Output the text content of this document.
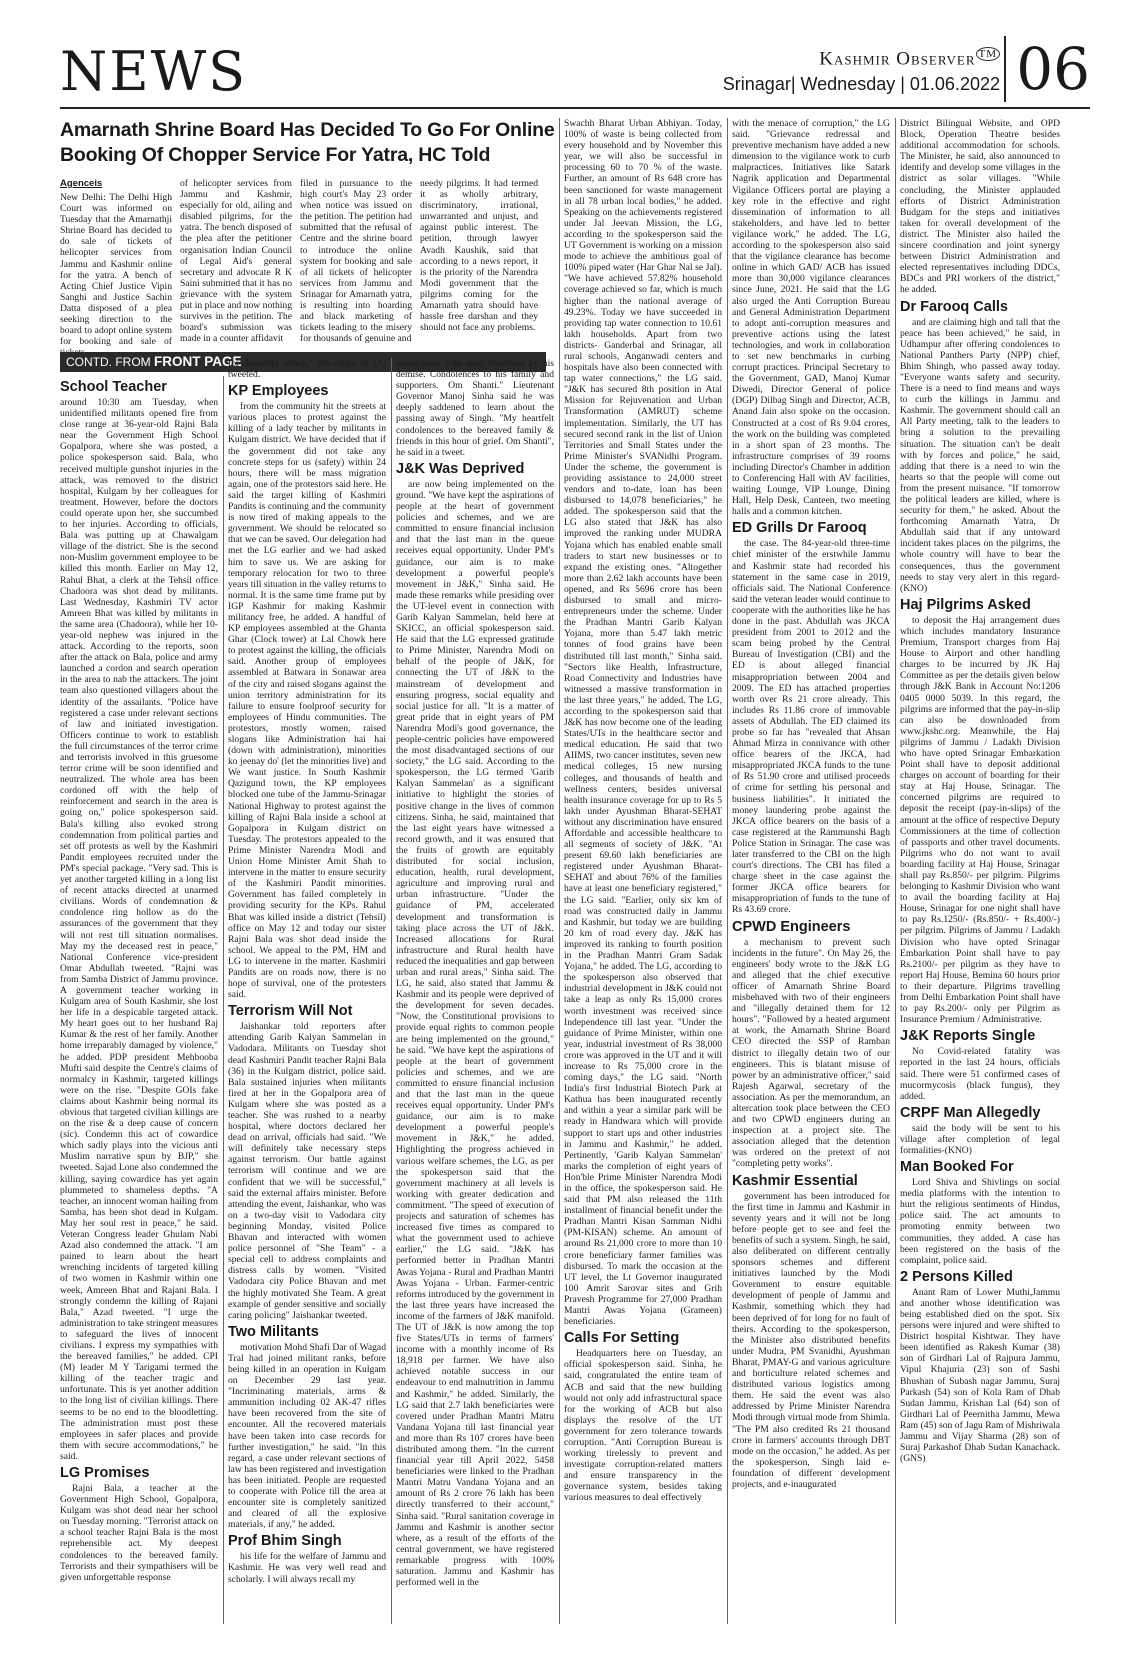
NEWS	Kashmir Observer ™
Srinagar| Wednesday | 01.06.2022 06
Amarnath Shrine Board Has Decided To Go For Online Booking Of Chopper Service For Yatra, HC Told
Agenceis

New Delhi: The Delhi High Court was informed on Tuesday that the Amarnathji Shrine Board has decided to do sale of tickets of helicopter services from Jammu and Kashmir online for the yatra. A bench of Acting Chief Justice Vipin Sanghi and Justice Sachin Datta disposed of a plea seeking direction to the board to adopt online system for booking and sale of

of helicopter services from Jammu and Kashmir, especially for old, ailing and disabled pilgrims, for the yatra. The bench disposed of the plea after the petitioner organisation Indian Council of Legal Aid's general secretary and advocate R K Saini submitted that it has no grievance with the system put in place and now nothing survives in the petition. The board's submission was made in a counter affidavit

filed in pursuance to the high court's May 23 order when notice was issued on the petition. The petition had submitted that the refusal of Centre and the shrine board to introduce the online system for booking and sale of all tickets of helicopter services from Jammu and Srinagar for Amarnath yatra, is resulting into hoarding and black marketing of tickets leading to the misery for thousands of genuine and

needy pilgrims. It had termed it as wholly arbitrary, discriminatory, irrational, unwarranted and unjust, and against public interest. The petition, through lawyer Avadh Kaushik, said that according to a news report, it is the priority of the Narendra Modi government that the pilgrims coming for the Amarnath yatra should have hassle free darshan and they should not face any problems.

CONTD. FROM FRONT PAGE
School Teacher

around 10:30 am Tuesday, when unidentified militants opened fire from close range at 36-year-old Rajni Bala near the Government High School Gopalpora, where she was posted, a police spokesperson said. Bala, who received multiple gunshot injuries in the attack, was removed to the district hospital, Kulgam by her colleagues for treatment. However, before the doctors could operate upon her, she succumbed to her injuries. According to officials, Bala was putting up at Chawalgam village of the district. She is the second non-Muslim government employee to be killed this month. Earlier on May 12, Rahul Bhat, a clerk at the Tehsil office Chadoora was shot dead by militants. Last Wednesday, Kashmiri TV actor Amreen Bhat was killed by militants in the same area (Chadoora), while her 10-year-old nephew was injured in the attack. According to the reports, soon after the attack on Bala, police and army launched a cordon and search operation in the area to nab the attackers. The joint team also questioned villagers about the identity of the assailants. "Police have registered a case under relevant sections of law and initiated investigation. Officers continue to work to establish the full circumstances of the terror crime and terrorists involved in this gruesome terror crime will be soon identified and neutralized. The whole area has been cordoned off with the help of reinforcement and search in the area is going on," police spokesperson said. Bala's killing also evoked strong condemnation from political parties and set off protests as well by the Kashmiri Pandit employees recruited under the PM's special package. "Very sad. This is yet another targeted killing in a long list of recent attacks directed at unarmed civilians. Words of condemnation & condolence ring hollow as do the assurances of the government that they will not rest till situation normalises. May my the deceased rest in peace," National Conference vice-president Omar Abdullah tweeted. "Rajni was from Samba District of Jammu province. A government teacher working in Kulgam area of South Kashmir, she lost her life in a despicable targeted attack. My heart goes out to her husband Raj Kumar & the rest of her family. Another home irreparably damaged by violence," he added. PDP president Mehbooba Mufti said despite the Centre's claims of normalcy in Kashmir, targeted killings were on the rise. "Despite GOIs fake claims about Kashmir being normal its obvious that targeted civilian killings are on the rise & a deep cause of concern (sic). Condemn this act of cowardice which sadly plays into the vicious anti Muslim narrative spun by BJP," she tweeted. Sajad Lone also condemned the killing, saying cowardice has yet again plummeted to shameless depths. "A teacher, an innocent woman hailing from Samba, has been shot dead in Kulgam. May her soul rest in peace," he said. Veteran Congress leader Ghulam Nabi Azad also condemned the attack. "I am pained to learn about the heart wrenching incidents of targeted killing of two women in Kashmir within one week, Amreen Bhat and Rajani Bala. I strongly condemn the killing of Rajani Bala," Azad tweeted. "I urge the administration to take stringent measures to safeguard the lives of innocent civilians. I express my sympathies with the bereaved families," he added. CPI (M) leader M Y Tarigami termed the killing of the teacher tragic and unfortunate. This is yet another addition to the long list of civilian killings. There seems to be no end to the bloodletting. The administration must post these employees in safer places and provide them with secure accommodations," he said.

LG Promises

Rajni Bala, a teacher at the Government High School, Gopalpora, Kulgam was shot dead near her school on Tuesday morning. "Terrorist attack on a school teacher Rajni Bala is the most reprehensible act. My deepest condolences to the bereaved family. Terrorists and their sympathisers will be given unforgettable response

for dastardly attack," the office of LG tweeted.

KP Employees

from the community hit the streets at various places to protest against the killing of a lady teacher by militants in Kulgam district. We have decided that if the government did not take any concrete steps for us (safety) within 24 hours, there will be mass migration again, one of the protestors said here. He said the target killing of Kashmiri Pandits is continuing and the community is now tired of making appeals to the government. We should be relocated so that we can be saved. Our delegation had met the LG earlier and we had asked him to save us. We are asking for temporary relocation for two to three years till situation in the valley returns to normal. It is the same time frame put by IGP Kashmir for making Kashmir militancy free, he added. A handful of KP employees assembled at the Ghanta Ghar (Clock tower) at Lal Chowk here to protest against the killing, the officials said. Another group of employees assembled at Batwara in Sonawar area of the city and raised slogans against the union territory administration for its failure to ensure foolproof security for employees of Hindu communities. The protestors, mostly women, raised slogans like Administration hai hai (down with administration), minorities ko jeenay do' (let the minorities live) and We want justice. In South Kashmir Qazigund town, the KP employees blocked one tube of the Jammu-Srinagar National Highway to protest against the killing of Rajni Bala inside a school at Gopalpora in Kulgam district on Tuesday. The protestors appealed to the Prime Minister Narendra Modi and Union Home Minister Amit Shah to intervene in the matter to ensure security of the Kashmiri Pandit minorities. Government has failed completely in providing security for the KPs. Rahul Bhat was killed inside a district (Tehsil) office on May 12 and today our sister Rajni Bala was shot dead inside the school. We appeal to the PM, HM and LG to intervene in the matter. Kashmiri Pandits are on roads now, there is no hope of survival, one of the protesters said.

Terrorism Will Not

Jaishankar told reporters after attending Garib Kalyan Sammelan in Vadodara. Militants on Tuesday shot dead Kashmiri Pandit teacher Rajni Bala (36) in the Kulgam district, police said. Bala sustained injuries when militants fired at her in the Gopalpora area of Kulgam where she was posted as a teacher. She was rushed to a nearby hospital, where doctors declared her dead on arrival, officials had said. "We will definitely take necessary steps against terrorism. Our battle against terrorism will continue and we are confident that we will be successful," said the external affairs minister. Before attending the event, Jaishankar, who was on a two-day visit to Vadodara city beginning Monday, visited Police Bhavan and interacted with women police personnel of "She Team" - a special cell to address complaints and distress calls by women. "Visited Vadodara city Police Bhavan and met the highly motivated She Team. A great example of gender sensitive and socially caring policing" Jaishankar tweeted.

Two Militants

motivation Mohd Shafi Dar of Wagad Tral had joined militant ranks, before being killed in an operation in Kulgam on December 29 last year. "Incriminating materials, arms & ammunition including 02 AK-47 rifles have been recovered from the site of encounter. All the recovered materials have been taken into case records for further investigation," he said. "In this regard, a case under relevant sections of law has been registered and investigation has been initiated. People are requested to cooperate with Police till the area at encounter site is completely sanitized and cleared of all the explosive materials, if any," he added.

Prof Bhim Singh

his life for the welfare of Jammu and Kashmir. He was very well read and scholarly. I will always recall my

interactions with him. Saddened by his demise. Condolences to his family and supporters. Om Shanti." Lieutenant Governor Manoj Sinha said he was deeply saddened to learn about the passing away of Singh. "My heartfelt condolences to the bereaved family & friends in this hour of grief. Om Shanti", he said in a tweet.

J&K Was Deprived

are now being implemented on the ground. "We have kept the aspirations of people at the heart of government policies and schemes, and we are committed to ensure financial inclusion and that the last man in the queue receives equal opportunity. Under PM's guidance, our aim is to make development a powerful people's movement in J&K," Sinha said. He made these remarks while presiding over the UT-level event in connection with Garib Kalyan Sammelan, held here at SKICC, an official spokesperson said. He said that the LG expressed gratitude to Prime Minister, Narendra Modi on behalf of the people of J&K, for connecting the UT of J&K to the mainstream of development and ensuring progress, social equality and social justice for all. "It is a matter of great pride that in eight years of PM Narendra Modi's good governance, the people-centric policies have empowered the most disadvantaged sections of our society," the LG said. According to the spokesperson, the LG termed 'Garib Kalyan Sammelan' as a significant initiative to highlight the stories of positive change in the lives of common citizens. Sinha, he said, maintained that the last eight years have witnessed a record growth, and it was ensured that the fruits of growth are equitably distributed for social inclusion, education, health, rural development, agriculture and improving rural and urban infrastructure. "Under the guidance of PM, accelerated development and transformation is taking place across the UT of J&K. Increased allocations for Rural infrastructure and Rural health have reduced the inequalities and gap between urban and rural areas," Sinha said. The LG, he said, also stated that Jammu & Kashmir and its people were deprived of the development for seven decades. "Now, the Constitutional provisions to provide equal rights to common people are being implemented on the ground," he said. "We have kept the aspirations of people at the heart of government policies and schemes, and we are committed to ensure financial inclusion and that the last man in the queue receives equal opportunity. Under PM's guidance, our aim is to make development a powerful people's movement in J&K," he added. Highlighting the progress achieved in various welfare schemes, the LG, as per the spokesperson said that the government machinery at all levels is working with greater dedication and commitment. "The speed of execution of projects and saturation of schemes has increased five times as compared to what the government used to achieve earlier," the LG said. "J&K has performed better in Pradhan Mantri Awas Yojana - Rural and Pradhan Mantri Awas Yojana - Urban. Farmer-centric reforms introduced by the government in the last three years have increased the income of the farmers of J&K manifold. The UT of J&K is now among the top five States/UTs in terms of farmers' income with a monthly income of Rs 18,918 per farmer. We have also achieved notable success in our endeavour to end malnutrition in Jammu and Kashmir," he added. Similarly, the LG said that 2.7 lakh beneficiaries were covered under Pradhan Mantri Matru Vandana Yojana till last financial year and more than Rs 107 crores have been distributed among them. "In the current financial year till April 2022, 5458 beneficiaries were linked to the Pradhan Mantri Matru Vandana Yojana and an amount of Rs 2 crore 76 lakh has been directly transferred to their account," Sinha said. "Rural sanitation coverage in Jammu and Kashmir is another sector where, as a result of the efforts of the central government, we have registered remarkable progress with 100% saturation. Jammu and Kashmir has performed well in the

Swachh Bharat Urban Abhiyan. Today, 100% of waste is being collected from every household and by November this year, we will also be successful in processing 60 to 70 % of the waste. Further, an amount of Rs 648 crore has been sanctioned for waste management in all 78 urban local bodies," he added. Speaking on the achievements registered under Jal Jeevan Mission, the LG, according to the spokesperson said the UT Government is working on a mission mode to achieve the ambitious goal of 100% piped water (Har Ghar Nal se Jal). "We have achieved 57.82% household coverage achieved so far, which is much higher than the national average of 49.23%. Today we have succeeded in providing tap water connection to 10.61 lakh households. Apart from two districts- Ganderbal and Srinagar, all rural schools, Anganwadi centers and hospitals have also been connected with tap water connections," the LG said. "J&K has secured 8th position in Atal Mission for Rejuvenation and Urban Transformation (AMRUT) scheme implementation. Similarly, the UT has secured second rank in the list of Union Territories and Small States under the Prime Minister's SVANidhi Program. Under the scheme, the government is providing assistance to 24,000 street vendors and to-date, loan has been disbursed to 14,078 beneficiaries," he added. The spokesperson said that the LG also stated that J&K has also improved the ranking under MUDRA Yojana which has enabled enable small traders to start new businesses or to expand the existing ones. "Altogether more than 2.62 lakh accounts have been opened, and Rs 5696 crore has been disbursed to small and micro-entrepreneurs under the scheme. Under the Pradhan Mantri Garib Kalyan Yojana, more than 5.47 lakh metric tonnes of food grains have been distributed till last month," Sinha said. "Sectors like Health, Infrastructure, Road Connectivity and Industries have witnessed a massive transformation in the last three years," he added. The LG, according to the spokesperson said that J&K has now become one of the leading States/UTs in the healthcare sector and medical education. He said that two AIIMS, two cancer institutes, seven new medical colleges, 15 new nursing colleges, and thousands of health and wellness centers, besides universal health insurance coverage for up to Rs 5 lakh under Ayushman Bharat-SEHAT without any discrimination have ensured Affordable and accessible healthcare to all segments of society of J&K. "At present 69.60 lakh beneficiaries are registered under Ayushman Bharat-SEHAT and about 76% of the families have at least one beneficiary registered," the LG said. "Earlier, only six km of road was constructed daily in Jammu and Kashmir, but today we are building 20 km of road every day. J&K has improved its ranking to fourth position in the Pradhan Mantri Gram Sadak Yojana," he added. The LG, according to the spokesperson also observed that industrial development in J&K could not take a leap as only Rs 15,000 crores worth investment was received since Independence till last year. "Under the guidance of Prime Minister, within one year, industrial investment of Rs 38,000 crore was approved in the UT and it will increase to Rs 75,000 crore in the coming days," the LG said. "North India's first Industrial Biotech Park at Kathua has been inaugurated recently and within a year a similar park will be ready in Handwara which will provide support to start ups and other industries in Jammu and Kashmir," he added. Pertinently, 'Garib Kalyan Sammelan' marks the completion of eight years of Hon'ble Prime Minister Narendra Modi in the office, the spokesperson said. He said that PM also released the 11th installment of financial benefit under the Pradhan Mantri Kisan Samman Nidhi (PM-KISAN) scheme. An amount of around Rs 21,000 crore to more than 10 crore beneficiary farmer families was disbursed. To mark the occasion at the UT level, the Lt Governor inaugurated 100 Amrit Sarovar sites and Grih Pravesh Programme for 27,000 Pradhan Mantri Awas Yojana (Grameen) beneficiaries.

Calls For Setting

Headquarters here on Tuesday, an official spokesperson said. Sinha, he said, congratulated the entire team of ACB and said that the new building would not only add infrastructural space for the working of ACB but also displays the resolve of the UT government for zero tolerance towards corruption. "Anti Corruption Bureau is working tirelessly to prevent and investigate corruption-related matters and ensure transparency in the governance system, besides taking various measures to deal effectively

with the menace of corruption," the LG said. "Grievance redressal and preventive mechanism have added a new dimension to the vigilance work to curb malpractices. Initiatives like Satark Nagrik application and Departmental Vigilance Officers portal are playing a key role in the effective and right dissemination of information to all stakeholders, and have led to better vigilance work," he added. The LG, according to the spokesperson also said that the vigilance clearance has become online in which GAD/ ACB has issued more than 30,000 vigilance clearances since June, 2021. He said that the LG also urged the Anti Corruption Bureau and General Administration Department to adopt anti-corruption measures and preventive actions using the latest technologies, and work in collaboration to set new benchmarks in curbing corrupt practices. Principal Secretary to the Government, GAD, Manoj Kumar Diwedi, Director General of police (DGP) Dilbag Singh and Director, ACB, Anand Jain also spoke on the occasion. Constructed at a cost of Rs 9.04 crores, the work on the building was completed in a short span of 23 months. The infrastructure comprises of 39 rooms including Director's Chamber in addition to Conferencing Hall with AV facilities, waiting Lounge, VIP Lounge, Dining Hall, Help Desk, Canteen, two meeting halls and a common kitchen.

ED Grills Dr Farooq

the case. The 84-year-old three-time chief minister of the erstwhile Jammu and Kashmir state had recorded his statement in the same case in 2019, officials said. The National Conference said the veteran leader would continue to cooperate with the authorities like he has done in the past. Abdullah was JKCA president from 2001 to 2012 and the scam being probed by the Central Bureau of Investigation (CBI) and the ED is about alleged financial misappropriation between 2004 and 2009. The ED has attached properties worth over Rs 21 crore already. This includes Rs 11.86 crore of immovable assets of Abdullah. The ED claimed its probe so far has "revealed that Ahsan Ahmad Mirza in connivance with other office bearers of the JKCA, had misappropriated JKCA funds to the tune of Rs 51.90 crore and utilised proceeds of crime for settling his personal and business liabilities". It initiated the money laundering probe against the JKCA office bearers on the basis of a case registered at the Rammunshi Bagh Police Station in Srinagar. The case was later transferred to the CBI on the high court's directions. The CBI has filed a charge sheet in the case against the former JKCA office bearers for misappropriation of funds to the tune of Rs 43.69 crore.

CPWD Engineers

a mechanism to prevent such incidents in the future". On May 26, the engineers' body wrote to the J&K LG and alleged that the chief executive officer of Amarnath Shrine Board misbehaved with two of their engineers and "illegally detained them for 12 hours". "Followed by a heated argument at work, the Amarnath Shrine Board CEO directed the SSP of Ramban district to illegally detain two of our engineers. This is blatant misuse of power by an administrative officer," said Rajesh Agarwal, secretary of the association. As per the memorandum, an altercation took place between the CEO and two CPWD engineers during an inspection at a project site. The association alleged that the detention was ordered on the pretext of not "completing petty works".

Kashmir Essential

government has been introduced for the first time in Jammu and Kashmir in seventy years and it will not be long before people get to see and feel the benefits of such a system. Singh, he said, also deliberated on different centrally sponsors schemes and different initiatives launched by the Modi Government to ensure equitable development of people of Jammu and Kashmir, something which they had been deprived of for long for no fault of theirs. According to the spokesperson, the Minister also distributed benefits under Mudra, PM Svanidhi, Ayushman Bharat, PMAY-G and various agriculture and horticulture related schemes and distributed various logistics among them. He said the event was also addressed by Prime Minister Narendra Modi through virtual mode from Shimla. "The PM also credited Rs 21 thousand crore in farmers' accounts through DBT mode on the occasion," he added. As per the spokesperson, Singh laid e-foundation of different development projects, and e-inaugurated

District Bilingual Website, and OPD Block, Operation Theatre besides additional accommodation for schools. The Minister, he said, also announced to identify and develop some villages in the district as solar villages. "While concluding, the Minister applauded efforts of District Administration Budgam for the steps and initiatives taken for overall development of the district. The Minister also hailed the sincere coordination and joint synergy between District Administration and elected representatives including DDCs, BDCs and PRI workers of the district," he added.

Dr Farooq Calls

and are claiming high and tall that the peace has been achieved," he said, in Udhampur after offering condolences to National Panthers Party (NPP) chief, Bhim Shingh, who passed away today. "Everyone wants safety and security. There is a need to find means and ways to curb the killings in Jammu and Kashmir. The government should call an All Party meeting, talk to the leaders to bring a solution to the prevailing situation. The situation can't be dealt with by forces and police," he said, adding that there is a need to win the hearts so that the people will come out from the present nuisance. "If tomorrow the political leaders are killed, where is security for them," he asked. About the forthcoming Amarnath Yatra, Dr Abdullah said that if any untoward incident takes places on the pilgrims, the whole country will have to bear the consequences, thus the government needs to stay very alert in this regard-(KNO)

Haj Pilgrims Asked

to deposit the Haj arrangement dues which includes mandatory Insurance Premium, Transport charges from Haj House to Airport and other handling charges to be incurred by JK Haj Committee as per the details given below through J&K Bank in Account No:1206 0405 0000 5039. In this regard, the pilgrims are informed that the pay-in-slip can also be downloaded from www.jkshc.org. Meanwhile, the Haj pilgrims of Jammu / Ladakh Division who have opted Srinagar Embarkation Point shall have to deposit additional charges on account of boarding for their stay at Haj House, Srinagar. The concerned pilgrims are required to deposit the receipt (pay-in-slips) of the amount at the office of respective Deputy Commissioners at the time of collection of passports and other travel documents. Pilgrims who do not want to avail boarding facility at Haj House, Srinagar shall pay Rs.850/- per pilgrim. Pilgrims belonging to Kashmir Division who want to avail the boarding facility at Haj House, Srinagar for one night shall have to pay Rs.1250/- (Rs.850/- + Rs.400/-) per pilgrim. Pilgrims of Jammu / Ladakh Division who have opted Srinagar Embarkation Point shall have to pay Rs.2100/- per pilgrim as they have to report Haj House, Bemina 60 hours prior to their departure. Pilgrims travelling from Delhi Embarkation Point shall have to pay Rs.200/- only per Pilgrim as Insurance Premium / Administrative.

J&K Reports Single

No Covid-related fatality was reported in the last 24 hours, officials said. There were 51 confirmed cases of mucormycosis (black fungus), they added.

CRPF Man Allegedly

said the body will be sent to his village after completion of legal formalities-(KNO)

Man Booked For

Lord Shiva and Shivlings on social media platforms with the intention to hurt the religious sentiments of Hindus, police said. The act amounts to promoting enmity between two communities, they added. A case has been registered on the basis of the complaint, police said.

2 Persons Killed

Anant Ram of Lower Muthi,Jammu and another whose identification was being established died on the spot. Six persons were injured and were shifted to District hospital Kishtwar. They have been identified as Rakesh Kumar (38) son of Girdhari Lal of Rajpura Jammu, Vipul Khajuria (23) son of Sashi Bhushan of Subash nagar Jammu, Suraj Parkash (54) son of Kola Ram of Dhab Sudan Jammu, Krishan Lal (64) son of Girdhari Lal of Peernitha Jammu, Mewa Ram (45) son of Jagu Ram of Mishriwala Jammu and Vijay Sharma (28) son of Suraj Parkashof Dhab Sudan Kanachack. (GNS)
